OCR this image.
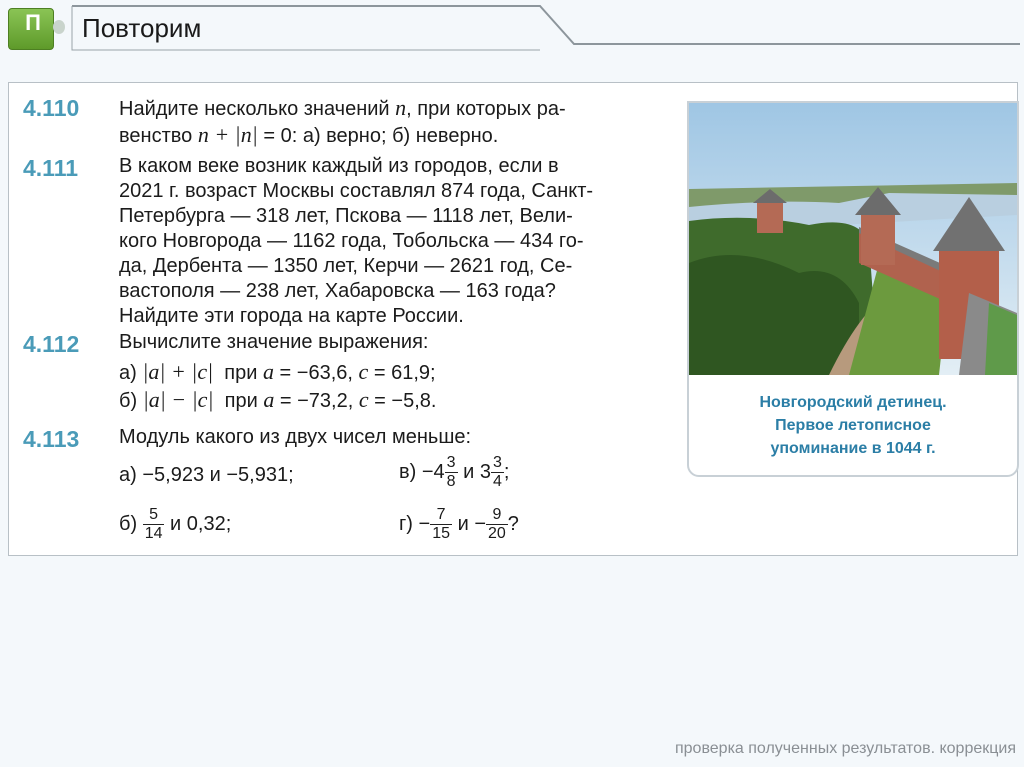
П Повторим
4.110 Найдите несколько значений n, при которых ра-
венство n + |n| = 0: а) верно; б) неверно.
4.111 В каком веке возник каждый из городов, если в
2021 г. возраст Москвы составлял 874 года, Санкт-
Петербурга — 318 лет, Пскова — 1118 лет, Вели-
кого Новгорода — 1162 года, Тобольска — 434 го-
да, Дербента — 1350 лет, Керчи — 2621 год, Се-
вастополя — 238 лет, Хабаровска — 163 года?
Найдите эти города на карте России.
4.112 Вычислите значение выражения:
а) |a| + |c| при a = −63,6, c = 61,9;
б) |a| − |c| при a = −73,2, c = −5,8.
4.113 Модуль какого из двух чисел меньше:
а) −5,923 и −5,931;	$в) -4 \frac{3}{8}$ и $3 \frac{3}{4}$ ;
$б) \frac{5}{14}$ и 0,32;	$г) - \frac{7}{15}$ $и - \frac{9}{20}$ ?
Новгородский детинец.
Первое летописное
упоминание в 1044 г.
проверка полученных результатов. коррекция
